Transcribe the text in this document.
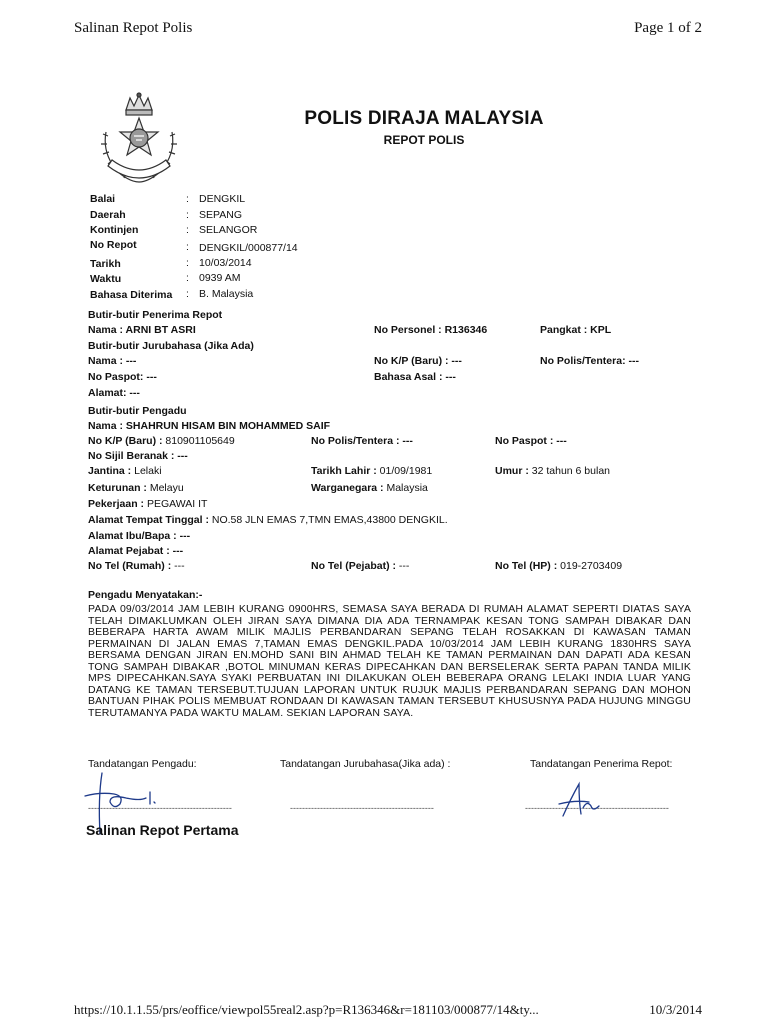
Salinan Repot Polis	Page 1 of 2
POLIS DIRAJA MALAYSIA
REPOT POLIS
Balai	: DENGKIL
Daerah	: SEPANG
Kontinjen	: SELANGOR
No Repot	: DENGKIL/000877/14
Tarikh	: 10/03/2014
Waktu	: 0939 AM
Bahasa Diterima : B. Malaysia
Butir-butir Penerima Repot
Nama : ARNI BT ASRI	No Personel : R136346	Pangkat : KPL
Butir-butir Jurubahasa (Jika Ada)
Nama : ---	No K/P (Baru) : ---	No Polis/Tentera: ---
No Paspot: ---	Bahasa Asal : ---
Alamat: ---
Butir-butir Pengadu
Nama : SHAHRUN HISAM BIN MOHAMMED SAIF
No K/P (Baru) : 810901105649	No Polis/Tentera : ---	No Paspot : ---
No Sijil Beranak : ---
Jantina : Lelaki	Tarikh Lahir : 01/09/1981	Umur : 32 tahun 6 bulan
Keturunan : Melayu	Warganegara : Malaysia
Pekerjaan : PEGAWAI IT
Alamat Tempat Tinggal : NO.58 JLN EMAS 7,TMN EMAS,43800 DENGKIL.
Alamat Ibu/Bapa : ---
Alamat Pejabat : ---
No Tel (Rumah) : ---	No Tel (Pejabat) : ---	No Tel (HP) : 019-2703409
Pengadu Menyatakan:-
PADA 09/03/2014 JAM LEBIH KURANG 0900HRS, SEMASA SAYA BERADA DI RUMAH ALAMAT SEPERTI DIATAS SAYA TELAH DIMAKLUMKAN OLEH JIRAN SAYA DIMANA DIA ADA TERNAMPAK KESAN TONG SAMPAH DIBAKAR DAN BEBERAPA HARTA AWAM MILIK MAJLIS PERBANDARAN SEPANG TELAH ROSAKKAN DI KAWASAN TAMAN PERMAINAN DI JALAN EMAS 7,TAMAN EMAS DENGKIL.PADA 10/03/2014 JAM LEBIH KURANG 1830HRS SAYA BERSAMA DENGAN JIRAN EN.MOHD SANI BIN AHMAD TELAH KE TAMAN PERMAINAN DAN DAPATI ADA KESAN TONG SAMPAH DIBAKAR ,BOTOL MINUMAN KERAS DIPECAHKAN DAN BERSELERAK SERTA PAPAN TANDA MILIK MPS DIPECAHKAN.SAYA SYAKI PERBUATAN INI DILAKUKAN OLEH BEBERAPA ORANG LELAKI INDIA LUAR YANG DATANG KE TAMAN TERSEBUT.TUJUAN LAPORAN UNTUK RUJUK MAJLIS PERBANDARAN SEPANG DAN MOHON BANTUAN PIHAK POLIS MEMBUAT RONDAAN DI KAWASAN TAMAN TERSEBUT KHUSUSNYA PADA HUJUNG MINGGU TERUTAMANYA PADA WAKTU MALAM. SEKIAN LAPORAN SAYA.
Tandatangan Pengadu:	Tandatangan Jurubahasa(Jika ada) :	Tandatangan Penerima Repot:
------------------------------------------------	------------------------------------------------	------------------------------------------------
Salinan Repot Pertama
https://10.1.1.55/prs/eoffice/viewpol55real2.asp?p=R136346&r=181103/000877/14&ty...	10/3/2014
